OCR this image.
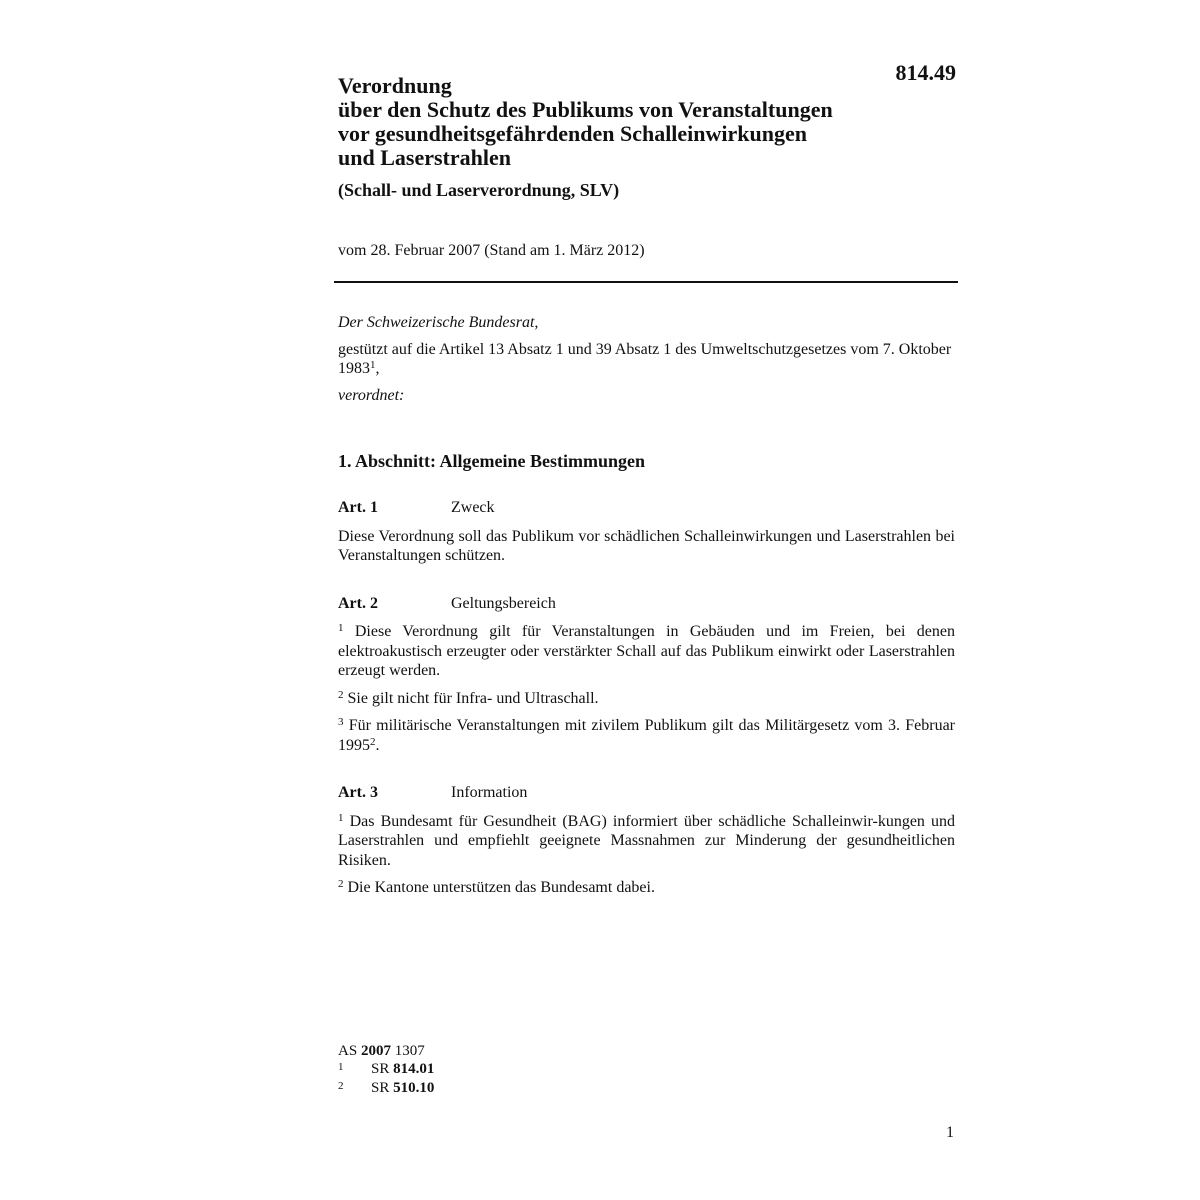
814.49
Verordnung
über den Schutz des Publikums von Veranstaltungen
vor gesundheitsgefährdenden Schalleinwirkungen
und Laserstrahlen
(Schall- und Laserverordnung, SLV)
vom 28. Februar 2007 (Stand am 1. März 2012)

Der Schweizerische Bundesrat,

gestützt auf die Artikel 13 Absatz 1 und 39 Absatz 1 des Umweltschutzgesetzes vom 7. Oktober 1983$^1$,

verordnet:

1. Abschnitt: Allgemeine Bestimmungen

Art. 1	Zweck

Diese Verordnung soll das Publikum vor schädlichen Schalleinwirkungen und Laserstrahlen bei Veranstaltungen schützen.

Art. 2	Geltungsbereich

$^1$ Diese Verordnung gilt für Veranstaltungen in Gebäuden und im Freien, bei denen elektroakustisch erzeugter oder verstärkter Schall auf das Publikum einwirkt oder Laserstrahlen erzeugt werden.

$^2$ Sie gilt nicht für Infra- und Ultraschall.

$^3$ Für militärische Veranstaltungen mit zivilem Publikum gilt das Militärgesetz vom 3. Februar 1995$^2$.

Art. 3	Information

$^1$ Das Bundesamt für Gesundheit (BAG) informiert über schädliche Schalleinwir-kungen und Laserstrahlen und empfiehlt geeignete Massnahmen zur Minderung der gesundheitlichen Risiken.

$^2$ Die Kantone unterstützen das Bundesamt dabei.

AS 2007 1307
1	SR 814.01
2	SR 510.10
1
